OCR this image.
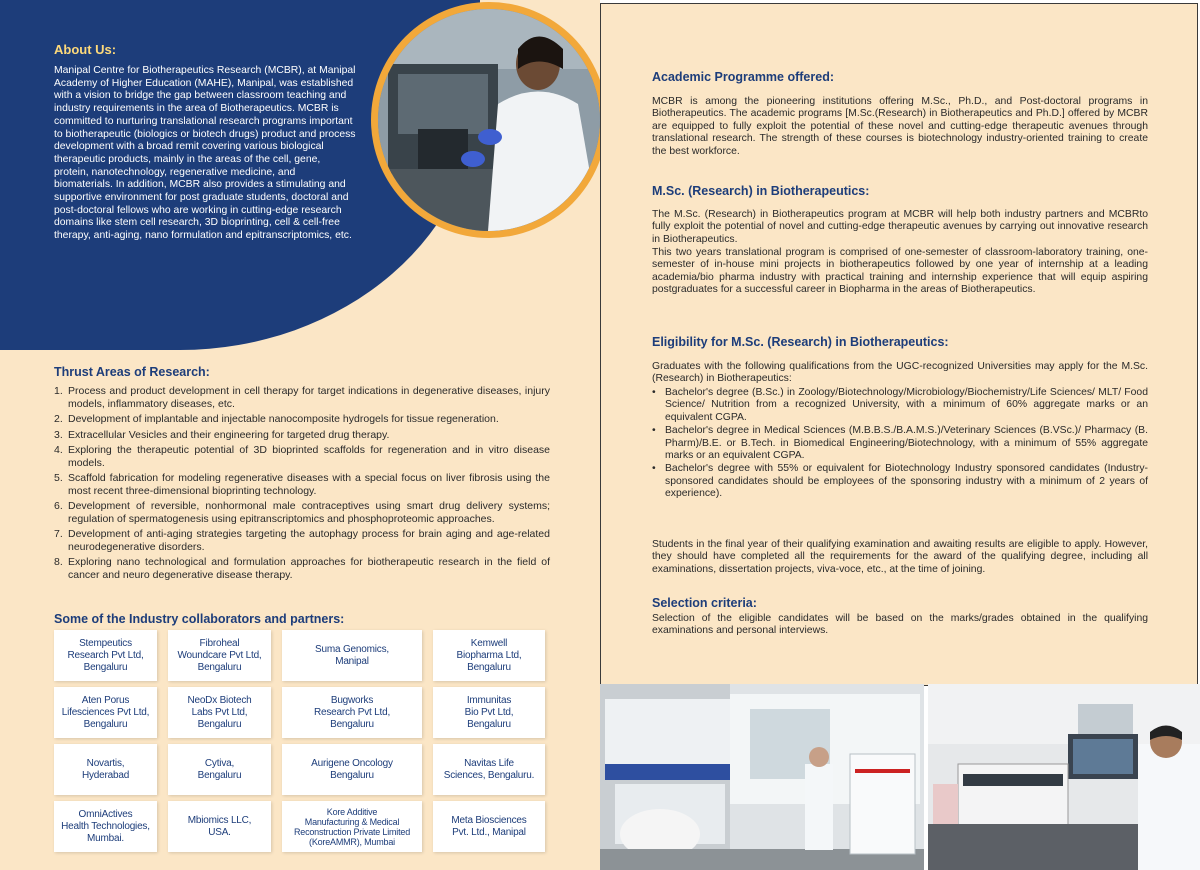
About Us:

Manipal Centre for Biotherapeutics Research (MCBR), at Manipal Academy of Higher Education (MAHE), Manipal, was established with a vision to bridge the gap between classroom teaching and industry requirements in the area of Biotherapeutics. MCBR is committed to nurturing translational research programs important to biotherapeutic (biologics or biotech drugs) product and process development with a broad remit covering various biological therapeutic products, mainly in the areas of the cell, gene, protein, nanotechnology, regenerative medicine, and biomaterials. In addition, MCBR also provides a stimulating and supportive environment for post graduate students, doctoral and post-doctoral fellows who are working in cutting-edge research domains like stem cell research, 3D bioprinting, cell & cell-free therapy, anti-aging, nano formulation and epitranscriptomics, etc.

Thrust Areas of Research:
1. Process and product development in cell therapy for target indications in degenerative diseases, injury models, inflammatory diseases, etc.
2. Development of implantable and injectable nanocomposite hydrogels for tissue regeneration.
3. Extracellular Vesicles and their engineering for targeted drug therapy.
4. Exploring the therapeutic potential of 3D bioprinted scaffolds for regeneration and in vitro disease models.
5. Scaffold fabrication for modeling regenerative diseases with a special focus on liver fibrosis using the most recent three-dimensional bioprinting technology.
6. Development of reversible, nonhormonal male contraceptives using smart drug delivery systems; regulation of spermatogenesis using epitranscriptomics and phosphoproteomic approaches.
7. Development of anti-aging strategies targeting the autophagy process for brain aging and age-related neurodegenerative disorders.
8. Exploring nano technological and formulation approaches for biotherapeutic research in the field of cancer and neuro degenerative disease therapy.
Some of the Industry collaborators and partners:
Stempeutics
Research Pvt Ltd,
Bengaluru
Fibroheal
Woundcare Pvt Ltd,
Bengaluru
Suma Genomics,
Manipal
Kemwell
Biopharma Ltd,
Bengaluru
Aten Porus
Lifesciences Pvt Ltd,
Bengaluru
NeoDx Biotech
Labs Pvt Ltd,
Bengaluru
Bugworks
Research Pvt Ltd,
Bengaluru
Immunitas
Bio Pvt Ltd,
Bengaluru
Novartis,
Hyderabad
Cytiva,
Bengaluru
Aurigene Oncology
Bengaluru
Navitas Life
Sciences, Bengaluru.
OmniActives
Health Technologies,
Mumbai.
Mbiomics LLC,
USA.
Kore Additive
Manufacturing & Medical
Reconstruction Private Limited
(KoreAMMR), Mumbai
Meta Biosciences
Pvt. Ltd., Manipal
Academic Programme offered:

MCBR is among the pioneering institutions offering M.Sc., Ph.D., and Post-doctoral programs in Biotherapeutics. The academic programs [M.Sc.(Research) in Biotherapeutics and Ph.D.] offered by MCBR are equipped to fully exploit the potential of these novel and cutting-edge therapeutic avenues through translational research. The strength of these courses is biotechnology industry-oriented training to create the best workforce.

M.Sc. (Research) in Biotherapeutics:

The M.Sc. (Research) in Biotherapeutics program at MCBR will help both industry partners and MCBRto fully exploit the potential of novel and cutting-edge therapeutic avenues by carrying out innovative research in Biotherapeutics.

This two years translational program is comprised of one-semester of classroom-laboratory training, one-semester of in-house mini projects in biotherapeutics followed by one year of internship at a leading academia/bio pharma industry with practical training and internship experience that will equip aspiring postgraduates for a successful career in Biopharma in the areas of Biotherapeutics.

Eligibility for M.Sc. (Research) in Biotherapeutics:

Graduates with the following qualifications from the UGC-recognized Universities may apply for the M.Sc. (Research) in Biotherapeutics:

• Bachelor's degree (B.Sc.) in Zoology/Biotechnology/Microbiology/Biochemistry/Life Sciences/ MLT/ Food Science/ Nutrition from a recognized University, with a minimum of 60% aggregate marks or an equivalent CGPA.
• Bachelor's degree in Medical Sciences (M.B.B.S./B.A.M.S.)/Veterinary Sciences (B.VSc.)/ Pharmacy (B. Pharm)/B.E. or B.Tech. in Biomedical Engineering/Biotechnology, with a minimum of 55% aggregate marks or an equivalent CGPA.
• Bachelor's degree with 55% or equivalent for Biotechnology Industry sponsored candidates (Industry-sponsored candidates should be employees of the sponsoring industry with a minimum of 2 years of experience).

Students in the final year of their qualifying examination and awaiting results are eligible to apply. However, they should have completed all the requirements for the award of the qualifying degree, including all examinations, dissertation projects, viva-voce, etc., at the time of joining.

Selection criteria:

Selection of the eligible candidates will be based on the marks/grades obtained in the qualifying examinations and personal interviews.
